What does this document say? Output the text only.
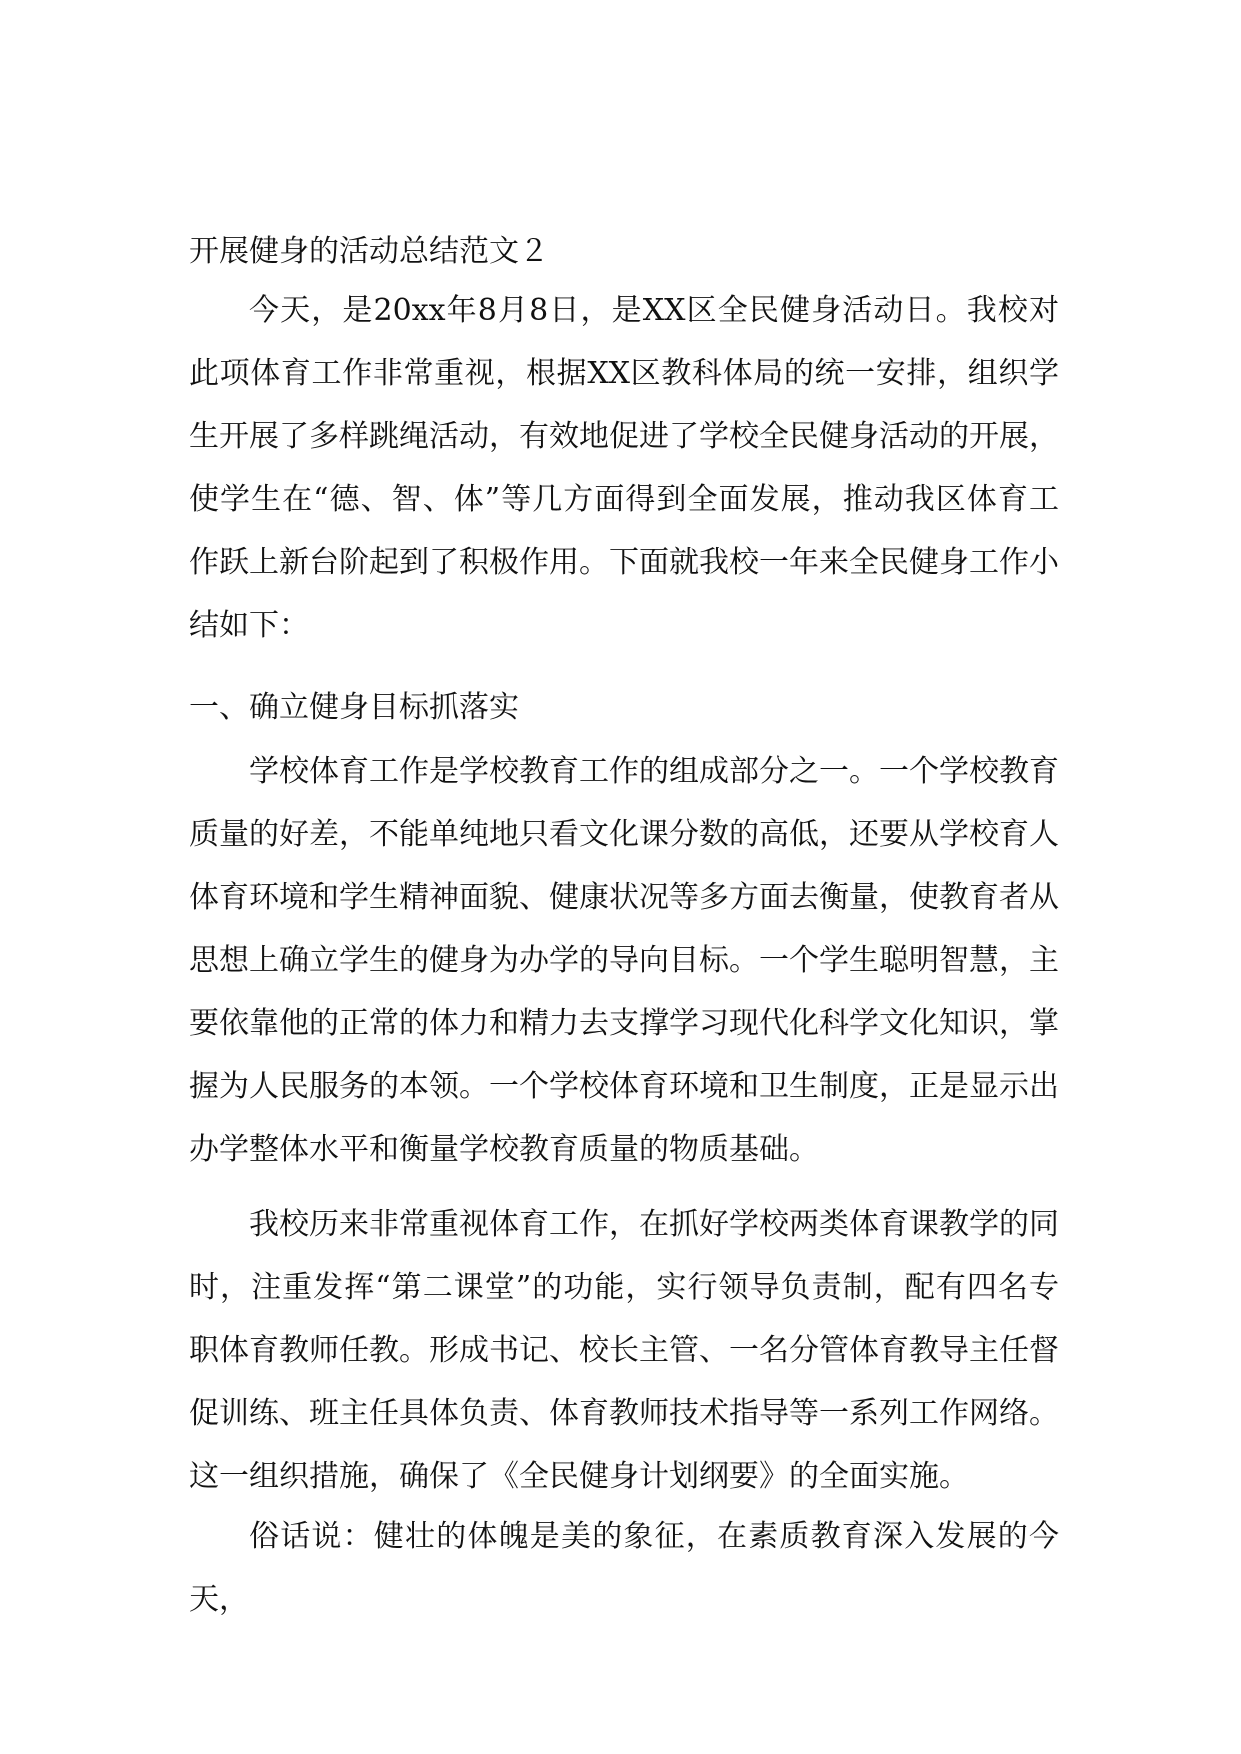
开展健身的活动总结范文２

今天，是20xx年8月8日，是XX区全民健身活动日。我校对此项体育工作非常重视，根据XX区教科体局的统一安排，组织学生开展了多样跳绳活动，有效地促进了学校全民健身活动的开展，使学生在“德、智、体”等几方面得到全面发展，推动我区体育工作跃上新台阶起到了积极作用。下面就我校一年来全民健身工作小结如下：

一、确立健身目标抓落实

学校体育工作是学校教育工作的组成部分之一。一个学校教育质量的好差，不能单纯地只看文化课分数的高低，还要从学校育人体育环境和学生精神面貌、健康状况等多方面去衡量，使教育者从思想上确立学生的健身为办学的导向目标。一个学生聪明智慧，主要依靠他的正常的体力和精力去支撑学习现代化科学文化知识，掌握为人民服务的本领。一个学校体育环境和卫生制度，正是显示出办学整体水平和衡量学校教育质量的物质基础。

我校历来非常重视体育工作，在抓好学校两类体育课教学的同时，注重发挥“第二课堂”的功能，实行领导负责制，配有四名专职体育教师任教。形成书记、校长主管、一名分管体育教导主任督促训练、班主任具体负责、体育教师技术指导等一系列工作网络。这一组织措施，确保了《全民健身计划纲要》的全面实施。

俗话说：健壮的体魄是美的象征，在素质教育深入发展的今天，
